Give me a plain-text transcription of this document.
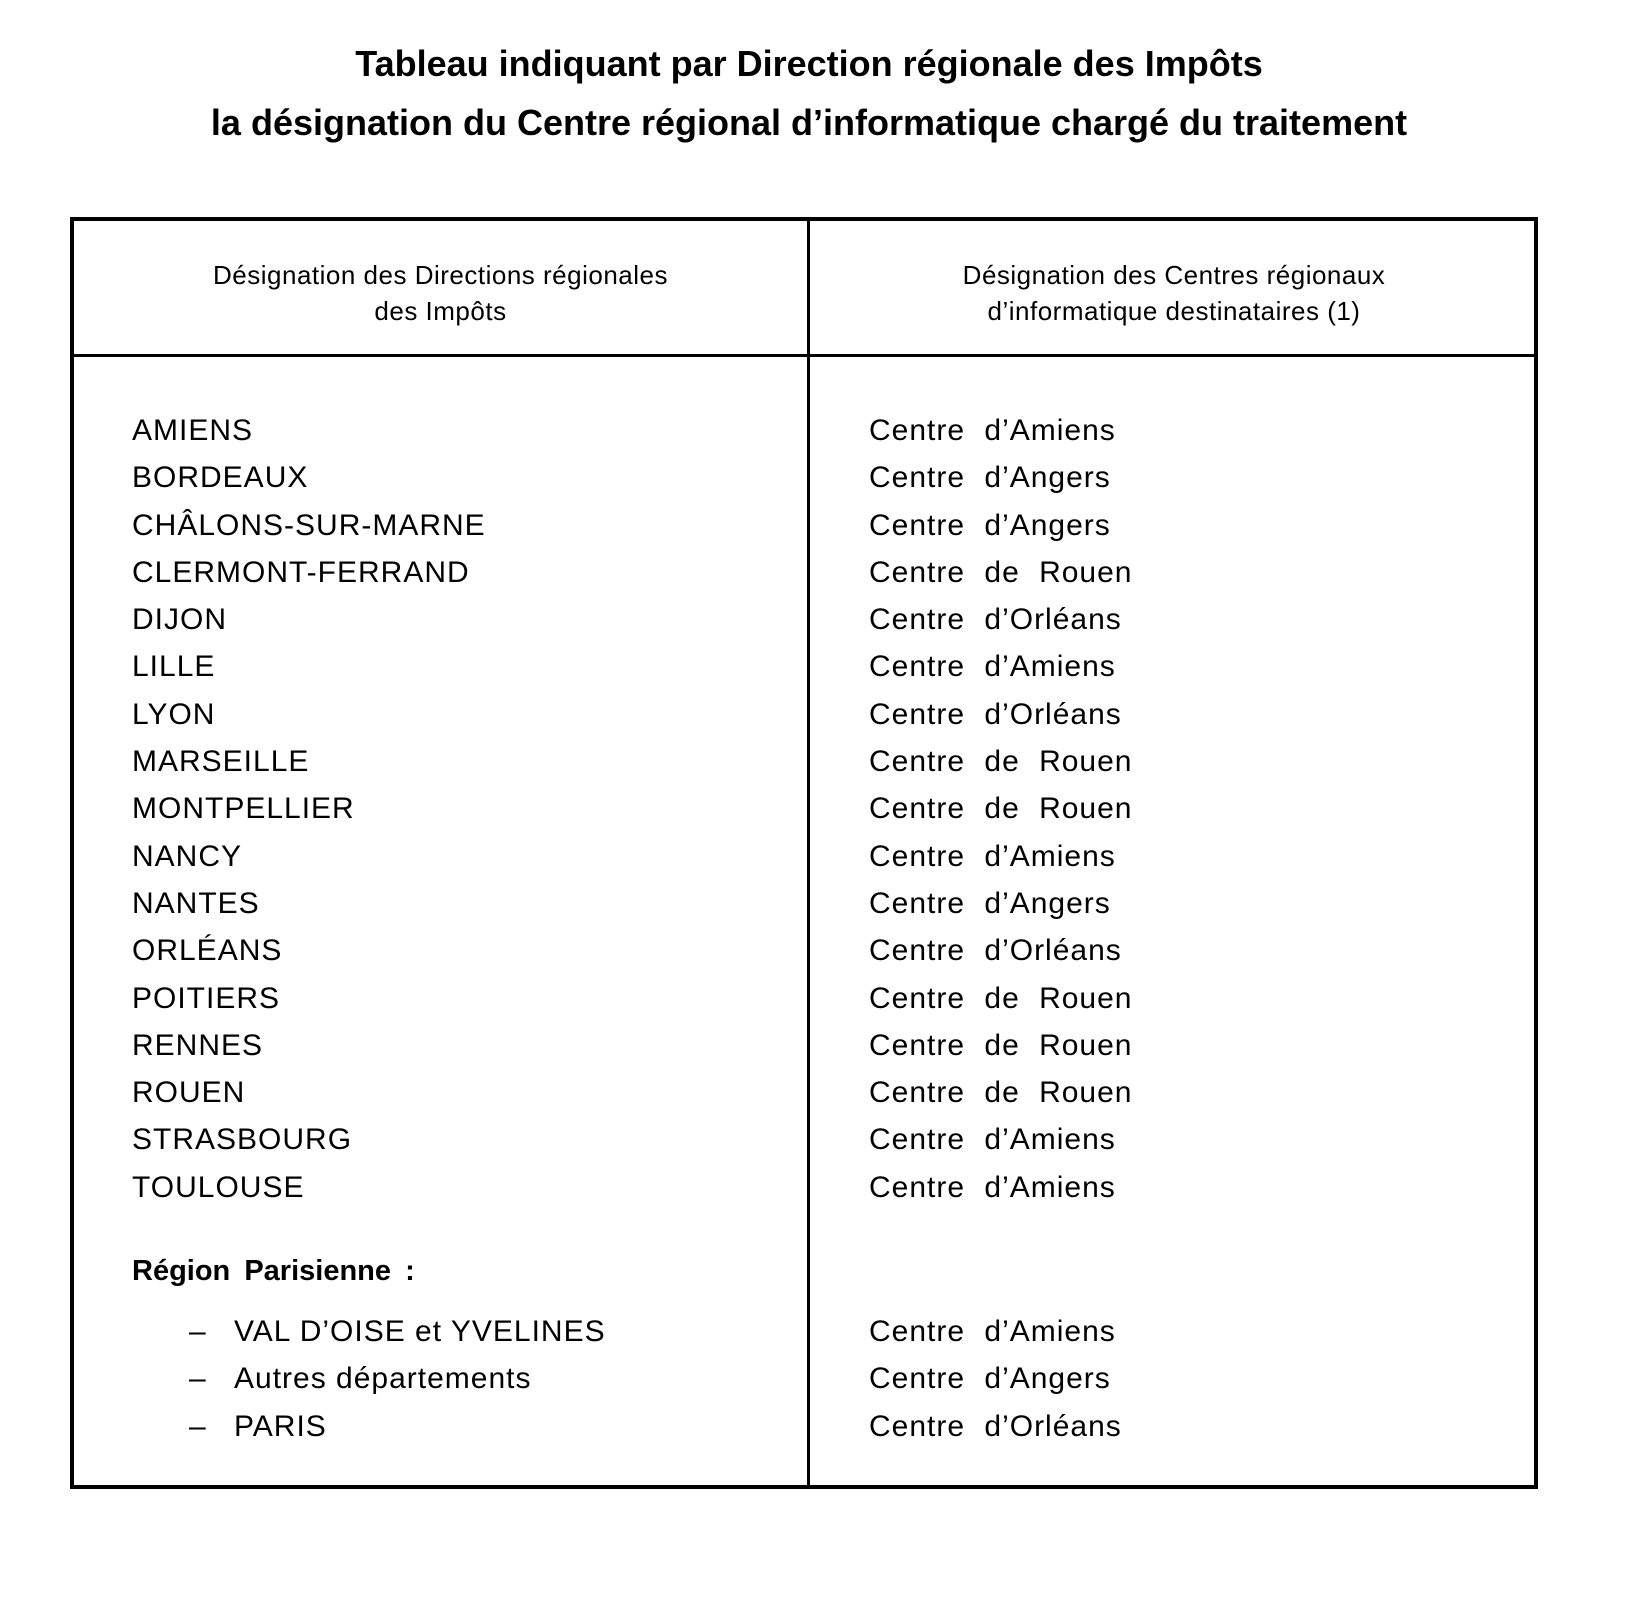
Tableau indiquant par Direction régionale des Impôts
la désignation du Centre régional d’informatique chargé du traitement
Désignation des Directions régionales
des Impôts
Désignation des Centres régionaux
d’informatique destinataires (1)
AMIENS	Centre d’Amiens
BORDEAUX	Centre d’Angers
CHÂLONS-SUR-MARNE	Centre d’Angers
CLERMONT-FERRAND	Centre de Rouen
DIJON	Centre d’Orléans
LILLE	Centre d’Amiens
LYON	Centre d’Orléans
MARSEILLE	Centre de Rouen
MONTPELLIER	Centre de Rouen
NANCY	Centre d’Amiens
NANTES	Centre d’Angers
ORLÉANS	Centre d’Orléans
POITIERS	Centre de Rouen
RENNES	Centre de Rouen
ROUEN	Centre de Rouen
STRASBOURG	Centre d’Amiens
TOULOUSE	Centre d’Amiens
Région Parisienne :
– VAL D’OISE et YVELINES	Centre d’Amiens
– Autres départements	Centre d’Angers
– PARIS	Centre d’Orléans
